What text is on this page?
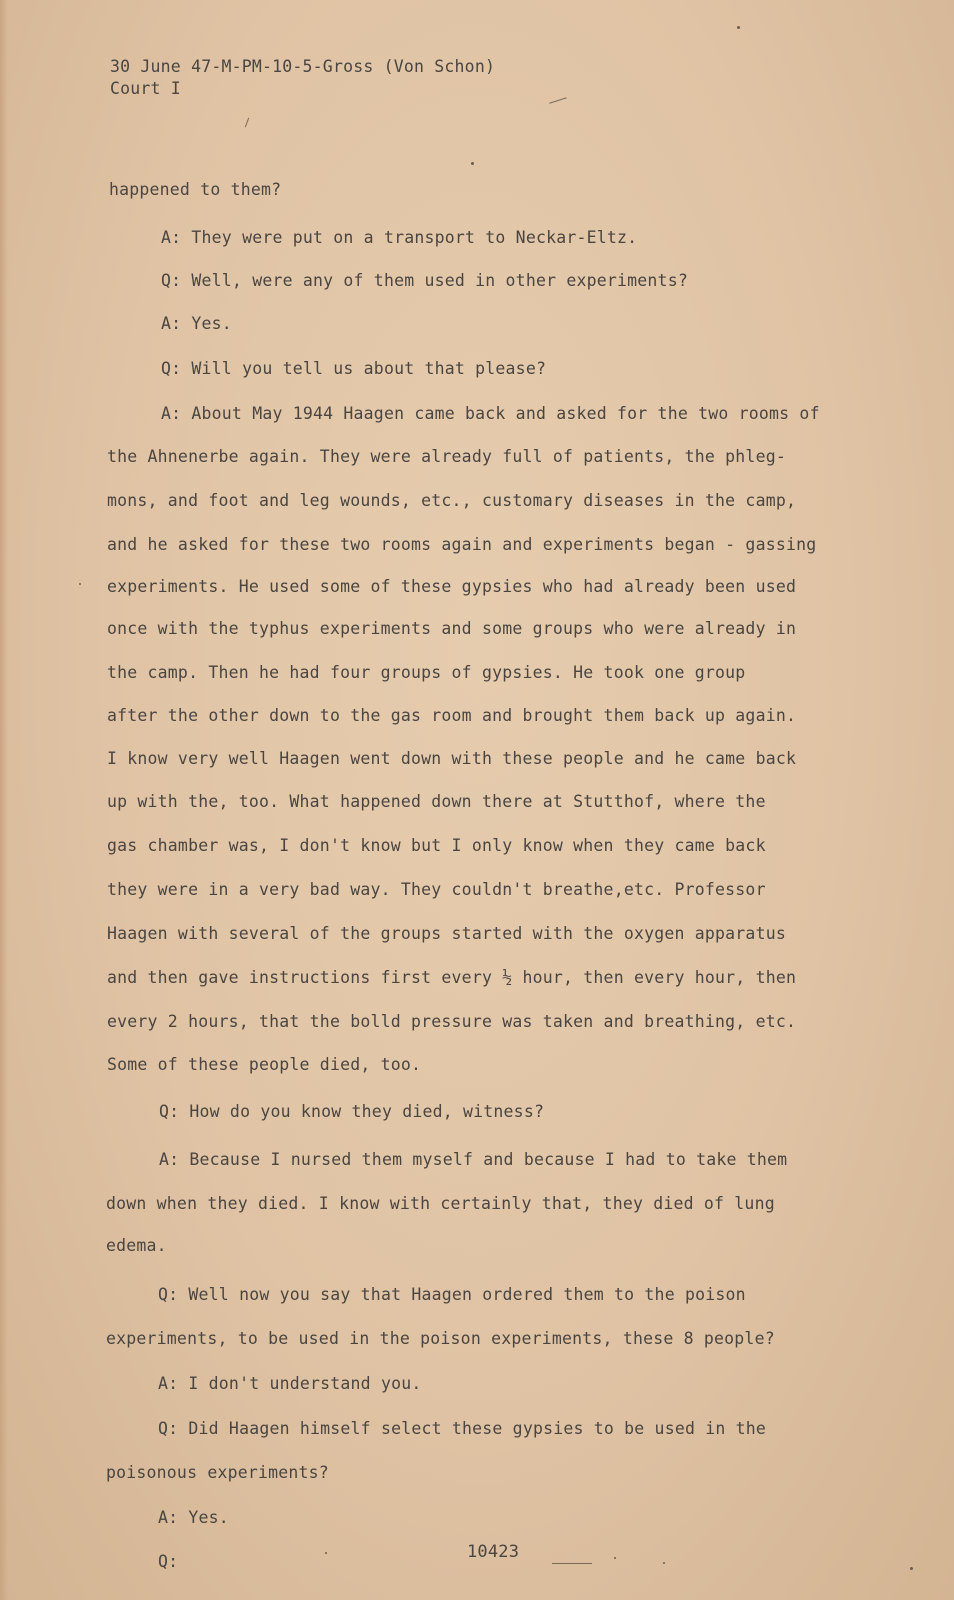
30 June 47-M-PM-10-5-Gross (Von Schon)
Court I
happened to them?
A: They were put on a transport to Neckar-Eltz.
Q: Well, were any of them used in other experiments?
A: Yes.
Q: Will you tell us about that please?
A: About May 1944 Haagen came back and asked for the two rooms of
the Ahnenerbe again. They were already full of patients, the phleg-
mons, and foot and leg wounds, etc., customary diseases in the camp,
and he asked for these two rooms again and experiments began - gassing
experiments. He used some of these gypsies who had already been used
once with the typhus experiments and some groups who were already in
the camp. Then he had four groups of gypsies. He took one group
after the other down to the gas room and brought them back up again.
I know very well Haagen went down with these people and he came back
up with the, too. What happened down there at Stutthof, where the
gas chamber was, I don't know but I only know when they came back
they were in a very bad way. They couldn't breathe,etc. Professor
Haagen with several of the groups started with the oxygen apparatus
and then gave instructions first every ½ hour, then every hour, then
every 2 hours, that the bolld pressure was taken and breathing, etc.
Some of these people died, too.
Q: How do you know they died, witness?
A: Because I nursed them myself and because I had to take them
down when they died. I know with certainly that, they died of lung
edema.
Q: Well now you say that Haagen ordered them to the poison
experiments, to be used in the poison experiments, these 8 people?
A: I don't understand you.
Q: Did Haagen himself select these gypsies to be used in the
poisonous experiments?
A: Yes.
Q:	10423
